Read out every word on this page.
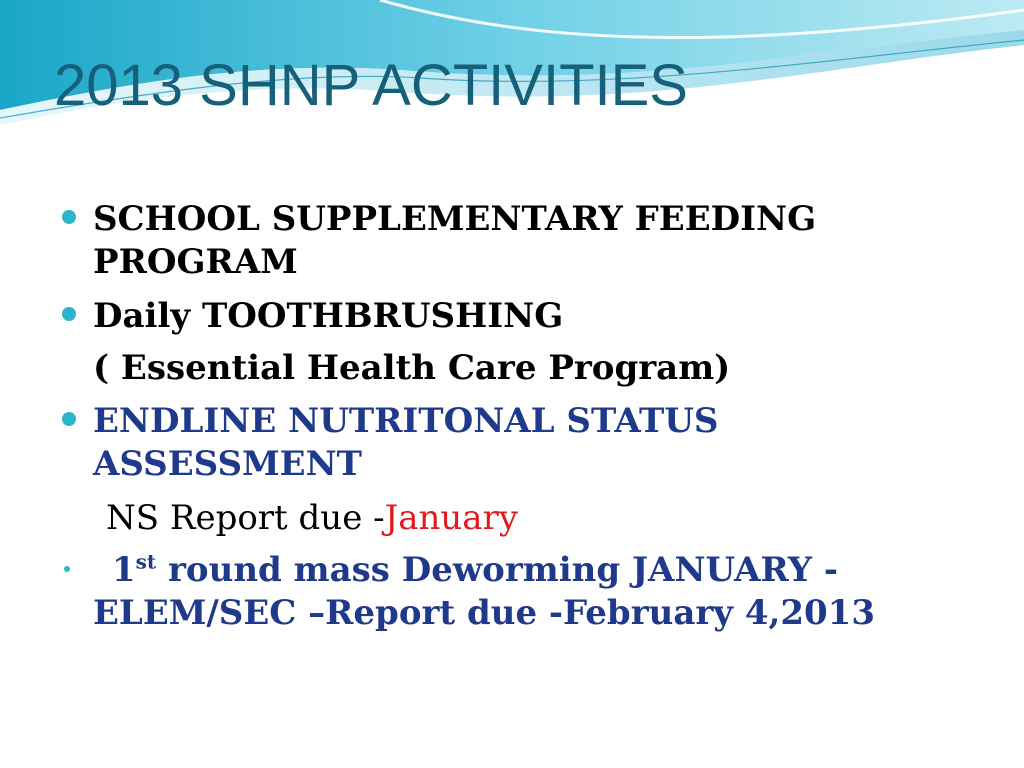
2013 SHNP ACTIVITIES
SCHOOL SUPPLEMENTARY FEEDING
PROGRAM
Daily TOOTHBRUSHING
( Essential Health Care Program)
ENDLINE NUTRITONAL STATUS
ASSESSMENT
NS Report due -January
1st round mass Deworming JANUARY -
ELEM/SEC –Report due -February 4,2013
